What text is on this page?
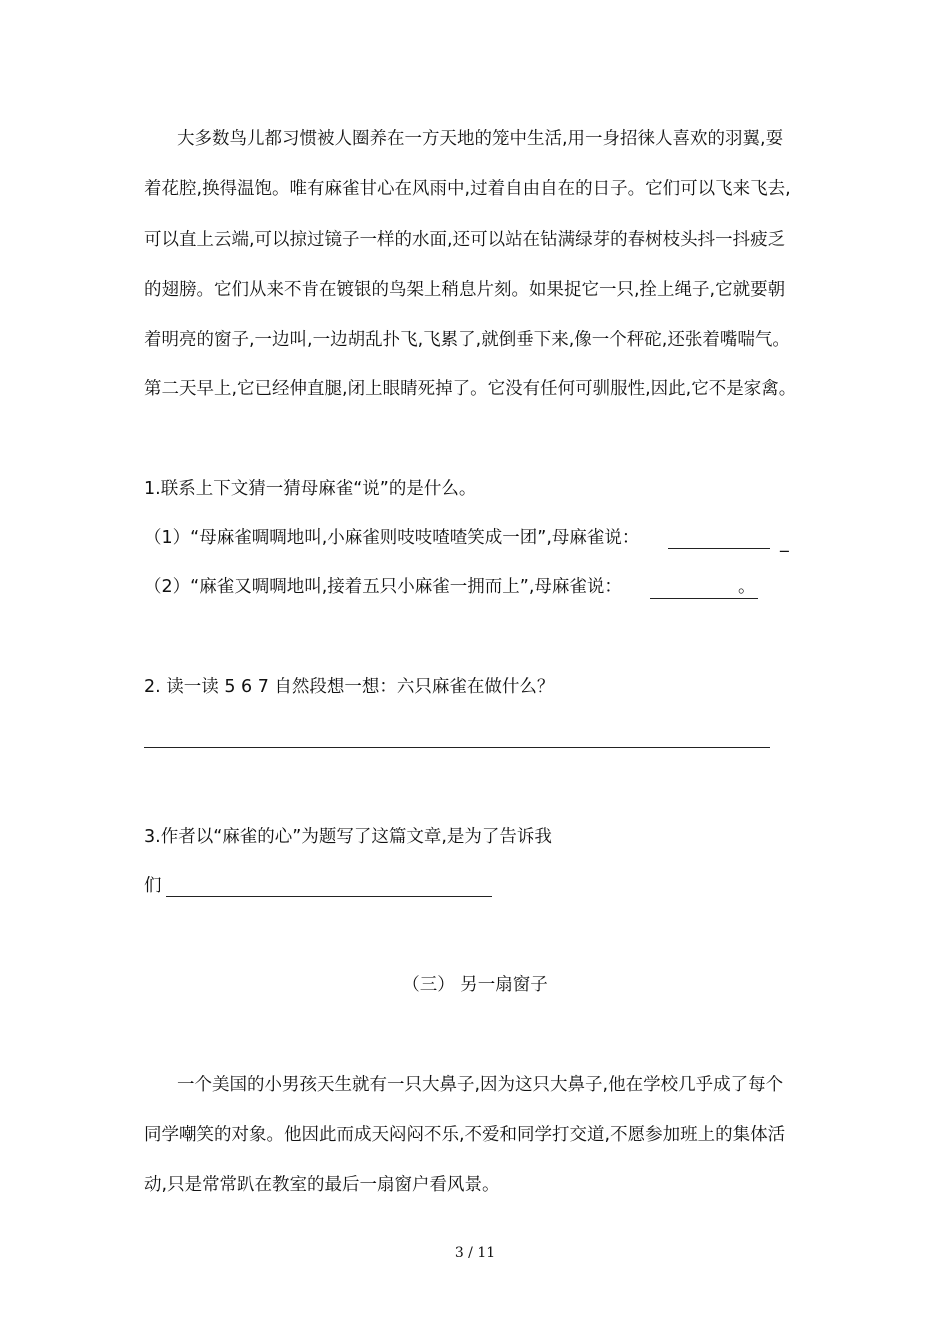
大多数鸟儿都习惯被人圈养在一方天地的笼中生活,用一身招徕人喜欢的羽翼,耍
着花腔,换得温饱。唯有麻雀甘心在风雨中,过着自由自在的日子。它们可以飞来飞去,
可以直上云端,可以掠过镜子一样的水面,还可以站在钻满绿芽的春树枝头抖一抖疲乏
的翅膀。它们从来不肯在镀银的鸟架上稍息片刻。如果捉它一只,拴上绳子,它就要朝
着明亮的窗子,一边叫,一边胡乱扑飞,飞累了,就倒垂下来,像一个秤砣,还张着嘴喘气。
第二天早上,它已经伸直腿,闭上眼睛死掉了。它没有任何可驯服性,因此,它不是家禽。
1.联系上下文猜一猜母麻雀“说”的是什么。
（1）“母麻雀啁啁地叫,小麻雀则吱吱喳喳笑成一团”,母麻雀说：	_
（2）“麻雀又啁啁地叫,接着五只小麻雀一拥而上”,母麻雀说：	。
2. 读一读 5 6 7 自然段想一想：六只麻雀在做什么？
3.作者以“麻雀的心”为题写了这篇文章,是为了告诉我
们
（三） 另一扇窗子
一个美国的小男孩天生就有一只大鼻子,因为这只大鼻子,他在学校几乎成了每个
同学嘲笑的对象。他因此而成天闷闷不乐,不爱和同学打交道,不愿参加班上的集体活
动,只是常常趴在教室的最后一扇窗户看风景。
3 / 11
